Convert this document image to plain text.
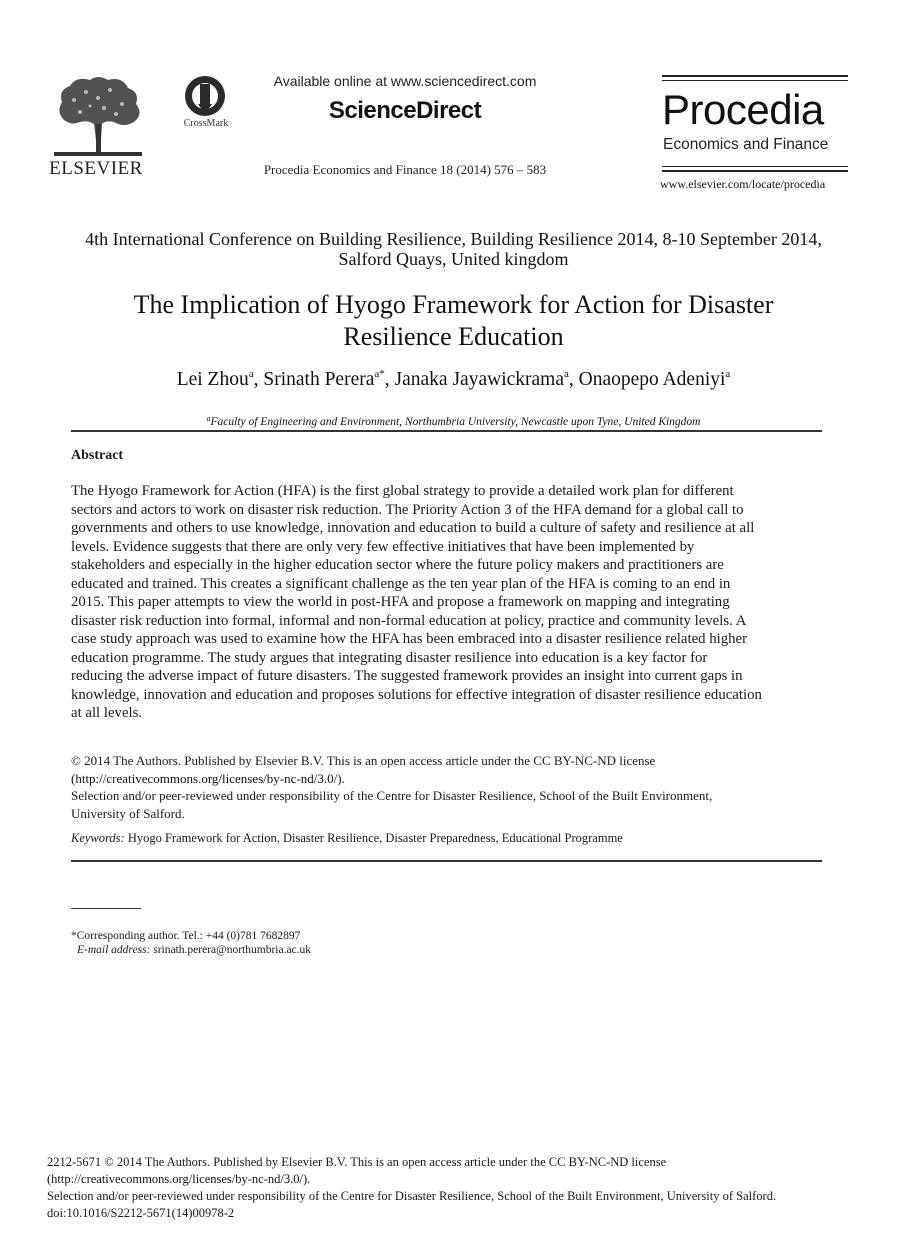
ELSEVIER
CrossMark
Available online at www.sciencedirect.com
ScienceDirect
Procedia Economics and Finance 18 (2014) 576 – 583
Procedia
Economics and Finance
www.elsevier.com/locate/procedia
4th International Conference on Building Resilience, Building Resilience 2014, 8-10 September 2014, Salford Quays, United kingdom
The Implication of Hyogo Framework for Action for Disaster
Resilience Education
Lei Zhou$^a$, Srinath Perera$^{a*}$, Janaka Jayawickrama$^a$, Onaopepo Adeniyi$^a$
$^a$Faculty of Engineering and Environment, Northumbria University, Newcastle upon Tyne, United Kingdom
Abstract
The Hyogo Framework for Action (HFA) is the first global strategy to provide a detailed work plan for different
sectors and actors to work on disaster risk reduction. The Priority Action 3 of the HFA demand for a global call to
governments and others to use knowledge, innovation and education to build a culture of safety and resilience at all
levels. Evidence suggests that there are only very few effective initiatives that have been implemented by
stakeholders and especially in the higher education sector where the future policy makers and practitioners are
educated and trained. This creates a significant challenge as the ten year plan of the HFA is coming to an end in
2015. This paper attempts to view the world in post-HFA and propose a framework on mapping and integrating
disaster risk reduction into formal, informal and non-formal education at policy, practice and community levels. A
case study approach was used to examine how the HFA has been embraced into a disaster resilience related higher
education programme. The study argues that integrating disaster resilience into education is a key factor for
reducing the adverse impact of future disasters. The suggested framework provides an insight into current gaps in
knowledge, innovation and education and proposes solutions for effective integration of disaster resilience education
at all levels.
© 2014 The Authors. Published by Elsevier B.V. This is an open access article under the CC BY-NC-ND license
(http://creativecommons.org/licenses/by-nc-nd/3.0/).
Selection and/or peer-reviewed under responsibility of the Centre for Disaster Resilience, School of the Built Environment,
University of Salford.
Keywords: Hyogo Framework for Action, Disaster Resilience, Disaster Preparedness, Educational Programme
*Corresponding author. Tel.: +44 (0)781 7682897
E-mail address: srinath.perera@northumbria.ac.uk
2212-5671 © 2014 The Authors. Published by Elsevier B.V. This is an open access article under the CC BY-NC-ND license
(http://creativecommons.org/licenses/by-nc-nd/3.0/).
Selection and/or peer-reviewed under responsibility of the Centre for Disaster Resilience, School of the Built Environment, University of Salford.
doi:10.1016/S2212-5671(14)00978-2
